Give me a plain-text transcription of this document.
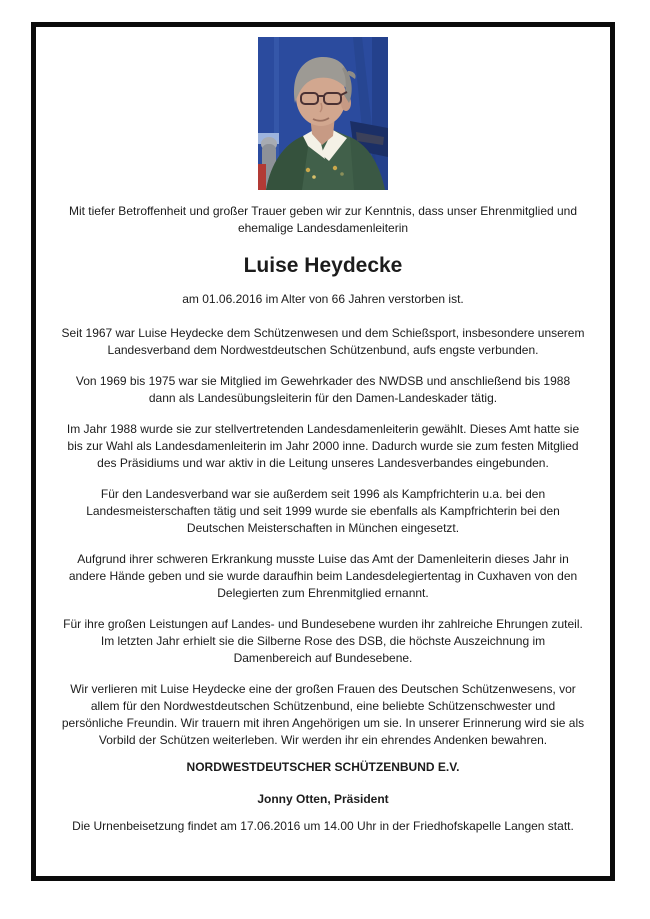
Mit tiefer Betroffenheit und großer Trauer geben wir zur Kenntnis, dass unser Ehrenmitglied und ehemalige Landesdamenleiterin

Luise Heydecke

am 01.06.2016 im Alter von 66 Jahren verstorben ist.

Seit 1967 war Luise Heydecke dem Schützenwesen und dem Schießsport, insbesondere unserem Landesverband dem Nordwestdeutschen Schützenbund, aufs engste verbunden.

Von 1969 bis 1975 war sie Mitglied im Gewehrkader des NWDSB und anschließend bis 1988 dann als Landesübungsleiterin für den Damen-Landeskader tätig.

Im Jahr 1988 wurde sie zur stellvertretenden Landesdamenleiterin gewählt. Dieses Amt hatte sie bis zur Wahl als Landesdamenleiterin im Jahr 2000 inne. Dadurch wurde sie zum festen Mitglied des Präsidiums und war aktiv in die Leitung unseres Landesverbandes eingebunden.

Für den Landesverband war sie außerdem seit 1996 als Kampfrichterin u.a. bei den Landesmeisterschaften tätig und seit 1999 wurde sie ebenfalls als Kampfrichterin bei den Deutschen Meisterschaften in München eingesetzt.

Aufgrund ihrer schweren Erkrankung musste Luise das Amt der Damenleiterin dieses Jahr in andere Hände geben und sie wurde daraufhin beim Landesdelegiertentag in Cuxhaven von den Delegierten zum Ehrenmitglied ernannt.

Für ihre großen Leistungen auf Landes- und Bundesebene wurden ihr zahlreiche Ehrungen zuteil. Im letzten Jahr erhielt sie die Silberne Rose des DSB, die höchste Auszeichnung im Damenbereich auf Bundesebene.

Wir verlieren mit Luise Heydecke eine der großen Frauen des Deutschen Schützenwesens, vor allem für den Nordwestdeutschen Schützenbund, eine beliebte Schützenschwester und persönliche Freundin. Wir trauern mit ihren Angehörigen um sie. In unserer Erinnerung wird sie als Vorbild der Schützen weiterleben. Wir werden ihr ein ehrendes Andenken bewahren.

NORDWESTDEUTSCHER SCHÜTZENBUND E.V.

Jonny Otten, Präsident

Die Urnenbeisetzung findet am 17.06.2016 um 14.00 Uhr in der Friedhofskapelle Langen statt.
